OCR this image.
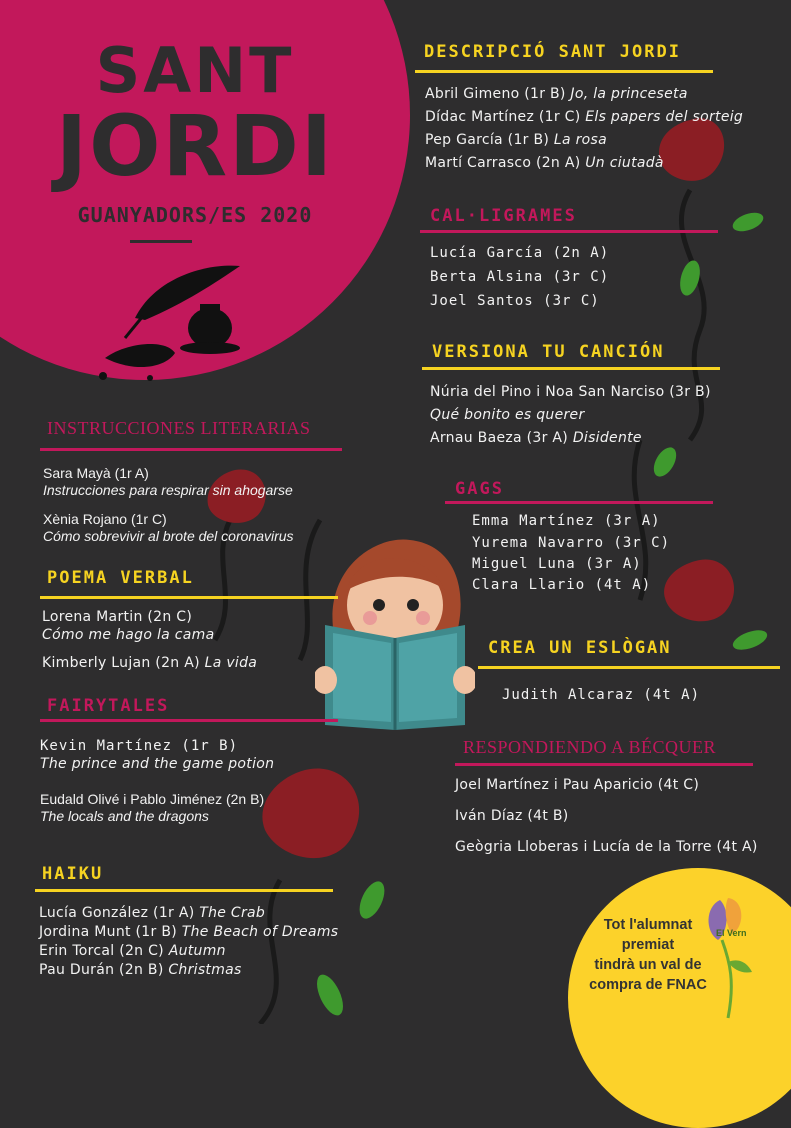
SANT
JORDI
GUANYADORS/ES 2020
DESCRIPCIÓ SANT JORDI
Abril Gimeno (1r B) Jo, la princeseta
Dídac Martínez (1r C) Els papers del sorteig
Pep García (1r B) La rosa
Martí Carrasco (2n A) Un ciutadà
CAL·LIGRAMES
Lucía García (2n A)
Berta Alsina (3r C)
Joel Santos (3r C)
VERSIONA TU CANCIÓN
Núria del Pino i Noa San Narciso (3r B)
Qué bonito es querer
Arnau Baeza (3r A) Disidente
INSTRUCCIONES LITERARIAS
Sara Mayà (1r A)
Instrucciones para respirar sin ahogarse
Xènia Rojano (1r C)
Cómo sobrevivir al brote del coronavirus
GAGS
Emma Martínez (3r A)
Yurema Navarro (3r C)
Miguel Luna (3r A)
Clara Llario (4t A)
POEMA VERBAL
Lorena Martin (2n C)
Cómo me hago la cama
Kimberly Lujan (2n A) La vida
CREA UN ESLÒGAN
Judith Alcaraz (4t A)
FAIRYTALES
Kevin Martínez (1r B)
The prince and the game potion
Eudald Olivé i Pablo Jiménez (2n B)
The locals and the dragons
RESPONDIENDO A BÉCQUER
Joel Martínez i Pau Aparicio (4t C)
Iván Díaz (4t B)
Geògria Lloberas i Lucía de la Torre (4t A)
HAIKU
Lucía González (1r A) The Crab
Jordina Munt (1r B) The Beach of Dreams
Erin Torcal (2n C) Autumn
Pau Durán (2n B) Christmas
Tot l'alumnat
premiat
tindrà un val de
compra de FNAC
El Vern
